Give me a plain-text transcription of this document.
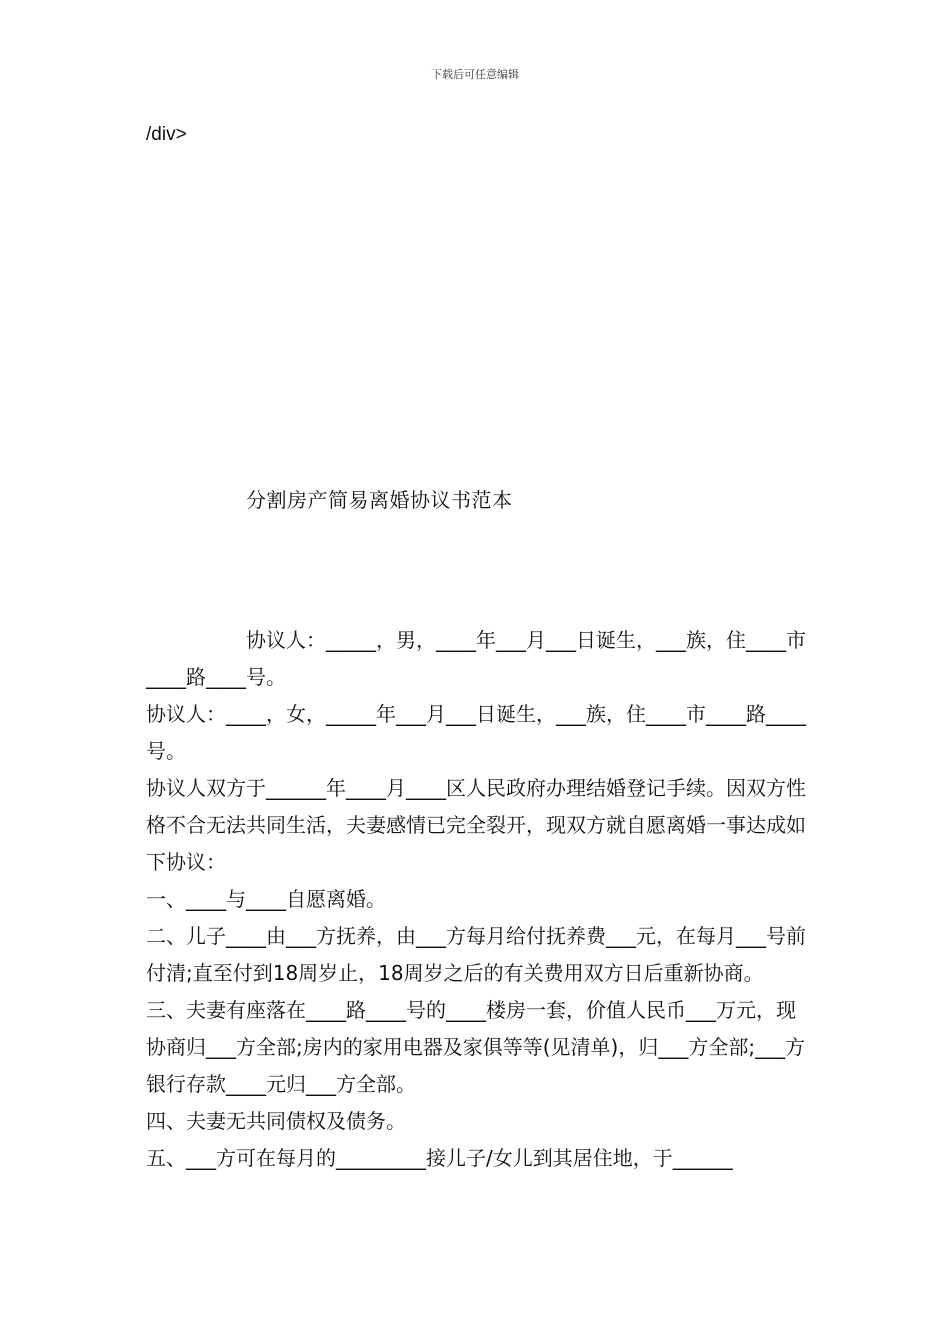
下载后可任意编辑
/div>
分割房产简易离婚协议书范本

协议人：_____，男，____年___月___日诞生，___族，住____市____路____号。

协议人：____，女，_____年___月___日诞生，___族，住____市____路____号。

协议人双方于______年____月____区人民政府办理结婚登记手续。因双方性格不合无法共同生活，夫妻感情已完全裂开，现双方就自愿离婚一事达成如下协议：

一、____与____自愿离婚。

二、儿子____由___方抚养，由___方每月给付抚养费___元，在每月___号前付清;直至付到18周岁止，18周岁之后的有关费用双方日后重新协商。

三、夫妻有座落在____路____号的____楼房一套，价值人民币___万元，现协商归___方全部;房内的家用电器及家俱等等(见清单)，归___方全部;___方银行存款____元归___方全部。

四、夫妻无共同债权及债务。

五、___方可在每月的_________接儿子/女儿到其居住地，于______
